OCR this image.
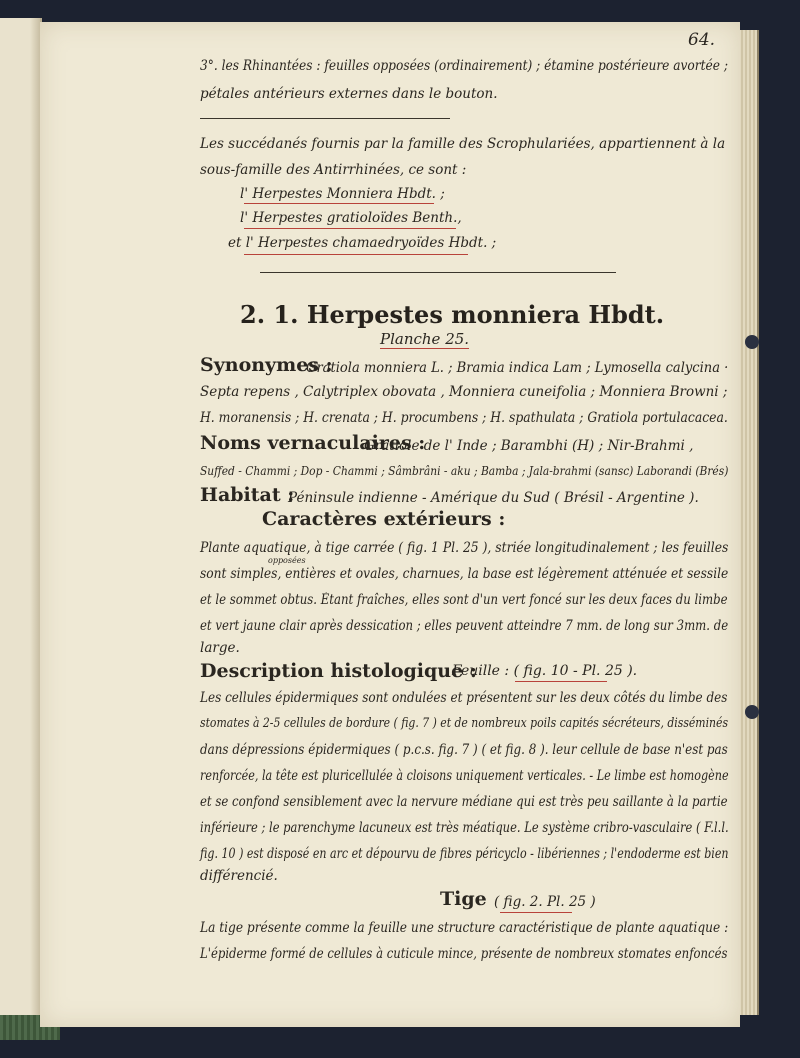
64.
3°. les Rhinantées : feuilles opposées (ordinairement) ; étamine postérieure avortée ;
pétales antérieurs externes dans le bouton.
Les succédanés fournis par la famille des Scrophulariées, appartiennent à la
sous-famille des Antirrhinées, ce sont :
l' Herpestes Monniera Hbdt. ;
l' Herpestes gratioloïdes Benth.,
et l' Herpestes chamaedryoïdes Hbdt. ;
2. 1. Herpestes monniera Hbdt.
Planche 25.
Synonymes :
Gratiola monniera L. ; Brami​a indica Lam ; Lymosella calycina ·
Septa repens , Calytriplex obovata , Monniera cuneifolia ; Monniera Browni ;
H. moranensis ; H. crenata ; H. procumbens ; H. spathulata ; Gratiola portulacacea.
Noms vernaculaires :
Gratiole de l' Inde ; Barambhi (H) ; Nir-Brahmi ,
Suffed - Chammi ; Dop - Chammi ; Sâmbrâni - aku ; Bamba ; Jala-brahmi (sansc) Laborandi (Brés)
Habitat :
Péninsule indienne - Amérique du Sud ( Brésil - Argentine ).
Caractères extérieurs :
Plante aquatique, à tige carrée ( fig. 1 Pl. 25 ), striée longitudinalement ; les feuilles
opposées
sont simples, entières et ovales, charnues, la base est légèrement atténuée et sessile
et le sommet obtus. Étant fraîches, elles sont d'un vert foncé sur les deux faces du limbe
et vert jaune clair après dessication ; elles peuvent atteindre 7 mm. de long sur 3mm. de
large.
Description histologique :
Feuille : ( fig. 10 - Pl. 25 ).
Les cellules épidermiques sont ondulées et présentent sur les deux côtés du limbe des
stomates à 2-5 cellules de bordure ( fig. 7 ) et de nombreux poils capités sécréteurs, disséminés
dans dépressions épidermiques ( p.c.s. fig. 7 ) ( et fig. 8 ). leur cellule de base n'est pas
renforcée, la tête est pluricellulée à cloisons uniquement verticales. - Le limbe est homogène
et se confond sensiblement avec la nervure médiane qui est très peu saillante à la partie
inférieure ; le parenchyme lacuneux est très méatique. Le système cribro-vasculaire ( F.l.l.
fig. 10 ) est disposé en arc et dépourvu de fibres péricyclo - libériennes ; l'endoderme est bien
différencié.
Tige ( fig. 2. Pl. 25 )
La tige présente comme la feuille une structure caractéristique de plante aquatique :
L'épiderme formé de cellules à cuticule mince, présente de nombreux stomates enfoncés
